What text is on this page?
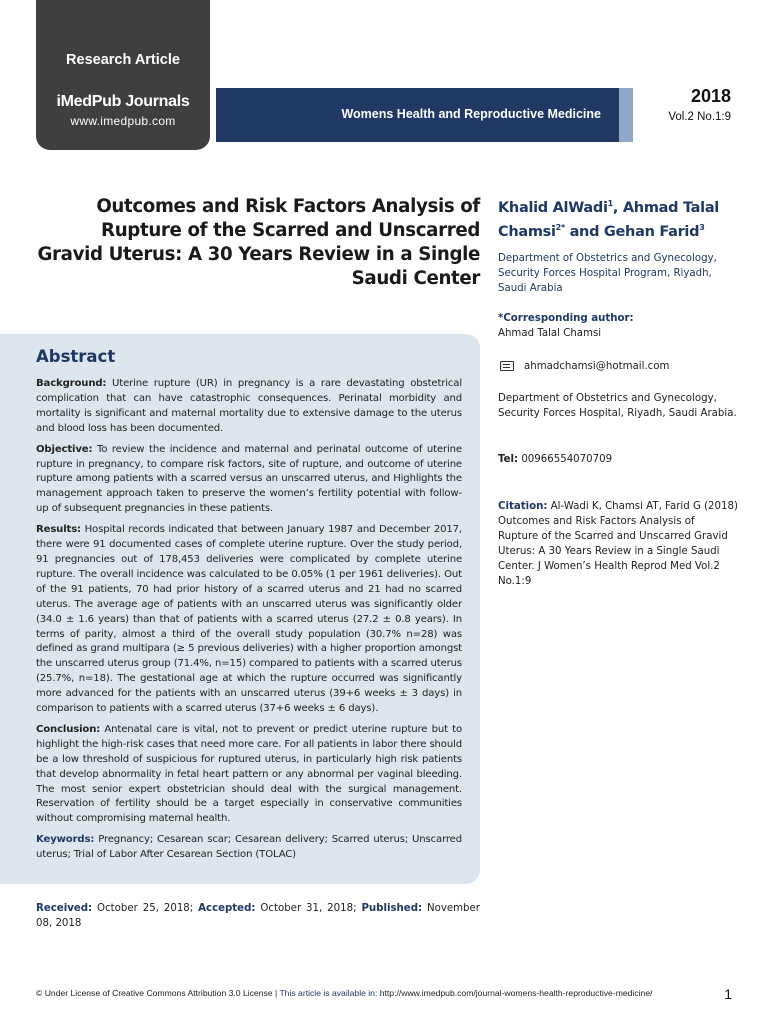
Research Article
iMedPub Journals
www.imedpub.com	Womens Health and Reproductive Medicine
2018
Vol.2 No.1:9
Outcomes and Risk Factors Analysis of Rupture of the Scarred and Unscarred Gravid Uterus: A 30 Years Review in a Single Saudi Center
Khalid AlWadi$^1$, Ahmad Talal Chamsi$^{2*}$ and Gehan Farid$^3$
Department of Obstetrics and Gynecology, Security Forces Hospital Program, Riyadh, Saudi Arabia
*Corresponding author:
Ahmad Talal Chamsi
ahmadchamsi@hotmail.com
Department of Obstetrics and Gynecology, Security Forces Hospital, Riyadh, Saudi Arabia.
Tel: 00966554070709
Citation: Al-Wadi K, Chamsi AT, Farid G (2018) Outcomes and Risk Factors Analysis of Rupture of the Scarred and Unscarred Gravid Uterus: A 30 Years Review in a Single Saudi Center. J Women’s Health Reprod Med Vol.2 No.1:9
Abstract

Background: Uterine rupture (UR) in pregnancy is a rare devastating obstetrical complication that can have catastrophic consequences. Perinatal morbidity and mortality is significant and maternal mortality due to extensive damage to the uterus and blood loss has been documented.

Objective: To review the incidence and maternal and perinatal outcome of uterine rupture in pregnancy, to compare risk factors, site of rupture, and outcome of uterine rupture among patients with a scarred versus an unscarred uterus, and Highlights the management approach taken to preserve the women’s fertility potential with follow-up of subsequent pregnancies in these patients.

Results: Hospital records indicated that between January 1987 and December 2017, there were 91 documented cases of complete uterine rupture. Over the study period, 91 pregnancies out of 178,453 deliveries were complicated by complete uterine rupture. The overall incidence was calculated to be 0.05% (1 per 1961 deliveries). Out of the 91 patients, 70 had prior history of a scarred uterus and 21 had no scarred uterus. The average age of patients with an unscarred uterus was significantly older (34.0 ± 1.6 years) than that of patients with a scarred uterus (27.2 ± 0.8 years). In terms of parity, almost a third of the overall study population (30.7% n=28) was defined as grand multipara (≥ 5 previous deliveries) with a higher proportion amongst the unscarred uterus group (71.4%, n=15) compared to patients with a scarred uterus (25.7%, n=18). The gestational age at which the rupture occurred was significantly more advanced for the patients with an unscarred uterus (39+6 weeks ± 3 days) in comparison to patients with a scarred uterus (37+6 weeks ± 6 days).

Conclusion: Antenatal care is vital, not to prevent or predict uterine rupture but to highlight the high-risk cases that need more care. For all patients in labor there should be a low threshold of suspicious for ruptured uterus, in particularly high risk patients that develop abnormality in fetal heart pattern or any abnormal per vaginal bleeding. The most senior expert obstetrician should deal with the surgical management. Reservation of fertility should be a target especially in conservative communities without compromising maternal health.

Keywords: Pregnancy; Cesarean scar; Cesarean delivery; Scarred uterus; Unscarred uterus; Trial of Labor After Cesarean Section (TOLAC)

Received: October 25, 2018; Accepted: October 31, 2018; Published: November 08, 2018
© Under License of Creative Commons Attribution 3.0 License | This article is available in: http://www.imedpub.com/journal-womens-health-reproductive-medicine/	1
